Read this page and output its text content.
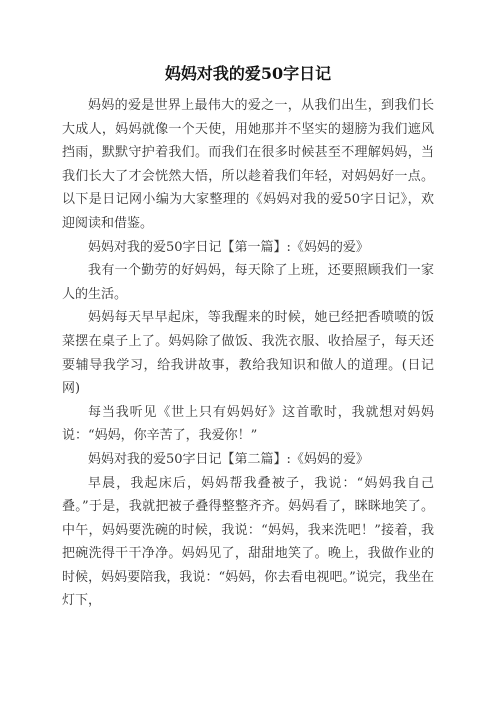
妈妈对我的爱50字日记

妈妈的爱是世界上最伟大的爱之一，从我们出生，到我们长大成人，妈妈就像一个天使，用她那并不坚实的翅膀为我们遮风挡雨，默默守护着我们。而我们在很多时候甚至不理解妈妈，当我们长大了才会恍然大悟，所以趁着我们年轻，对妈妈好一点。以下是日记网小编为大家整理的《妈妈对我的爱50字日记》，欢迎阅读和借鉴。

妈妈对我的爱50字日记【第一篇】:《妈妈的爱》

我有一个勤劳的好妈妈，每天除了上班，还要照顾我们一家人的生活。

妈妈每天早早起床，等我醒来的时候，她已经把香喷喷的饭菜摆在桌子上了。妈妈除了做饭、我洗衣服、收拾屋子，每天还要辅导我学习，给我讲故事，教给我知识和做人的道理。(日记网)

每当我听见《世上只有妈妈好》这首歌时，我就想对妈妈说：“妈妈，你辛苦了，我爱你！”

妈妈对我的爱50字日记【第二篇】:《妈妈的爱》

早晨，我起床后，妈妈帮我叠被子，我说：“妈妈我自己叠。”于是，我就把被子叠得整整齐齐。妈妈看了，眯眯地笑了。中午，妈妈要洗碗的时候，我说：“妈妈，我来洗吧！”接着，我把碗洗得干干净净。妈妈见了，甜甜地笑了。晚上，我做作业的时候，妈妈要陪我，我说：“妈妈，你去看电视吧。”说完，我坐在灯下，
